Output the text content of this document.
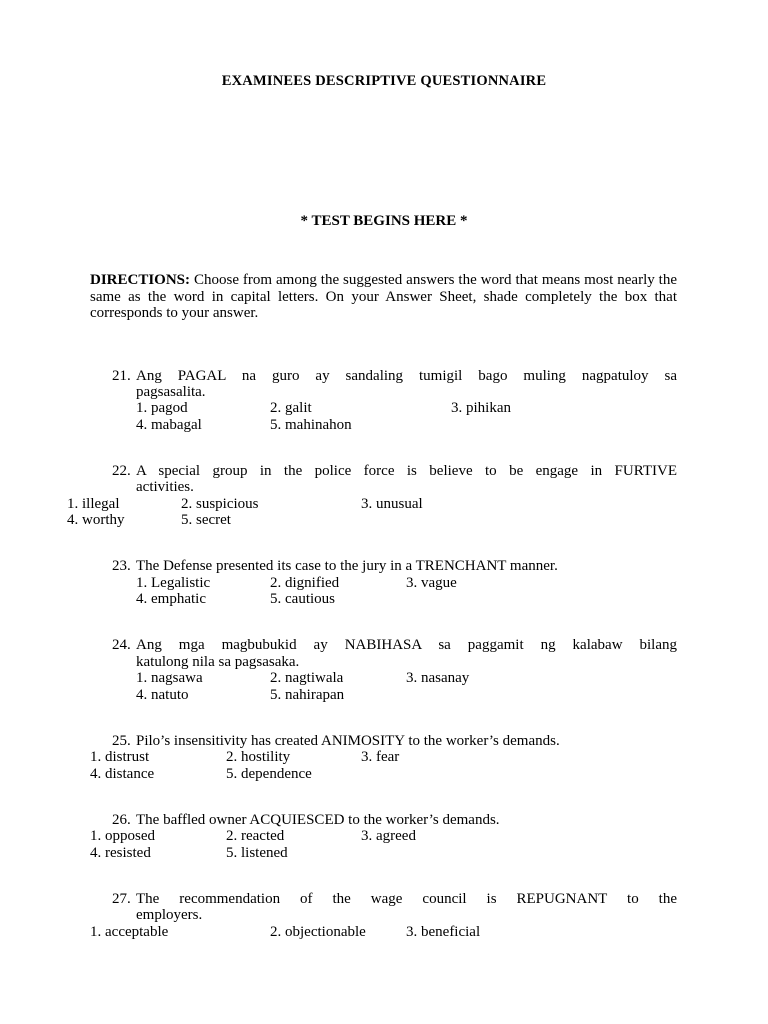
EXAMINEES DESCRIPTIVE QUESTIONNAIRE
* TEST BEGINS HERE *
DIRECTIONS: Choose from among the suggested answers the word that means most nearly the same as the word in capital letters. On your Answer Sheet, shade completely the box that corresponds to your answer.
21. Ang PAGAL na guro ay sandaling tumigil bago muling nagpatuloy sa
pagsasalita.
1. pagod	2. galit	3. pihikan
4. mabagal	5. mahinahon
22. A special group in the police force is believe to be engage in FURTIVE
activities.
1. illegal	2. suspicious	3. unusual
4. worthy	5. secret
23. The Defense presented its case to the jury in a TRENCHANT manner.
1. Legalistic	2. dignified	3. vague
4. emphatic	5. cautious
24. Ang mga magbubukid ay NABIHASA sa paggamit ng kalabaw bilang
katulong nila sa pagsasaka.
1. nagsawa	2. nagtiwala	3. nasanay
4. natuto	5. nahirapan
25. Pilo’s insensitivity has created ANIMOSITY to the worker’s demands.
1. distrust	2. hostility	3. fear
4. distance	5. dependence
26. The baffled owner ACQUIESCED to the worker’s demands.
1. opposed	2. reacted	3. agreed
4. resisted	5. listened
27. The recommendation of the wage council is REPUGNANT to the
employers.
1. acceptable	2. objectionable	3. beneficial
